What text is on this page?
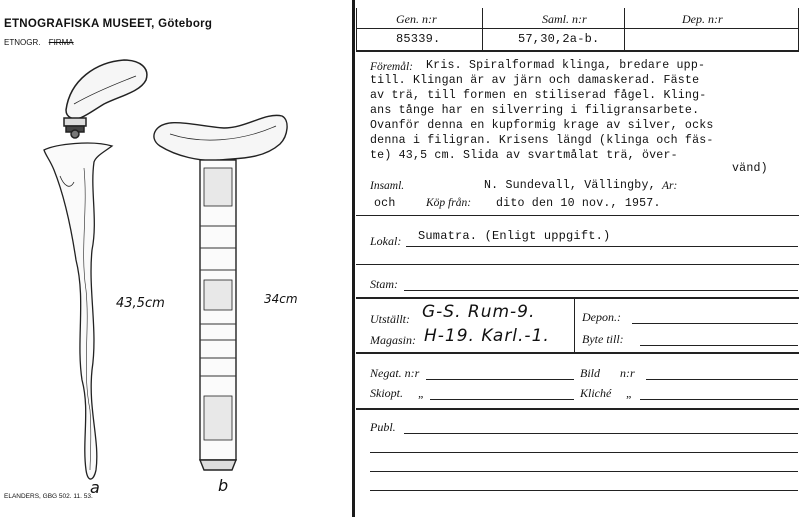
ETNOGRAFISKA MUSEET, Göteborg
ETNOGR. FIRMA
43,5cm	34cm
a	b
ELANDERS, GBG 502. 11. 53.
Gen. n:r	Saml. n:r	Dep. n:r
85339.	57,30,2a-b.
Föremål: Kris. Spiralformad klinga, bredare upp-
till. Klingan är av järn och damaskerad. Fäste
av trä, till formen en stiliserad fågel. Kling-
ans tånge har en silverring i filigransarbete.
Ovanför denna en kupformig krage av silver, ocks
denna i filigran. Krisens längd (klinga och fäs-
te) 43,5 cm. Slida av svartmålat trä, över-
vänd)
Insaml.	N. Sundevall, Vällingby, Ar:
och	Köp från: dito den 10 nov., 1957.
Lokal: Sumatra. (Enligt uppgift.)
Stam:
Utställt: G-S. Rum-9.	Depon.:
Magasin: H-19. Karl.-1.	Byte till:
Negat. n:r	Bild n:r
Skiopt. „	Kliché „
Publ.
